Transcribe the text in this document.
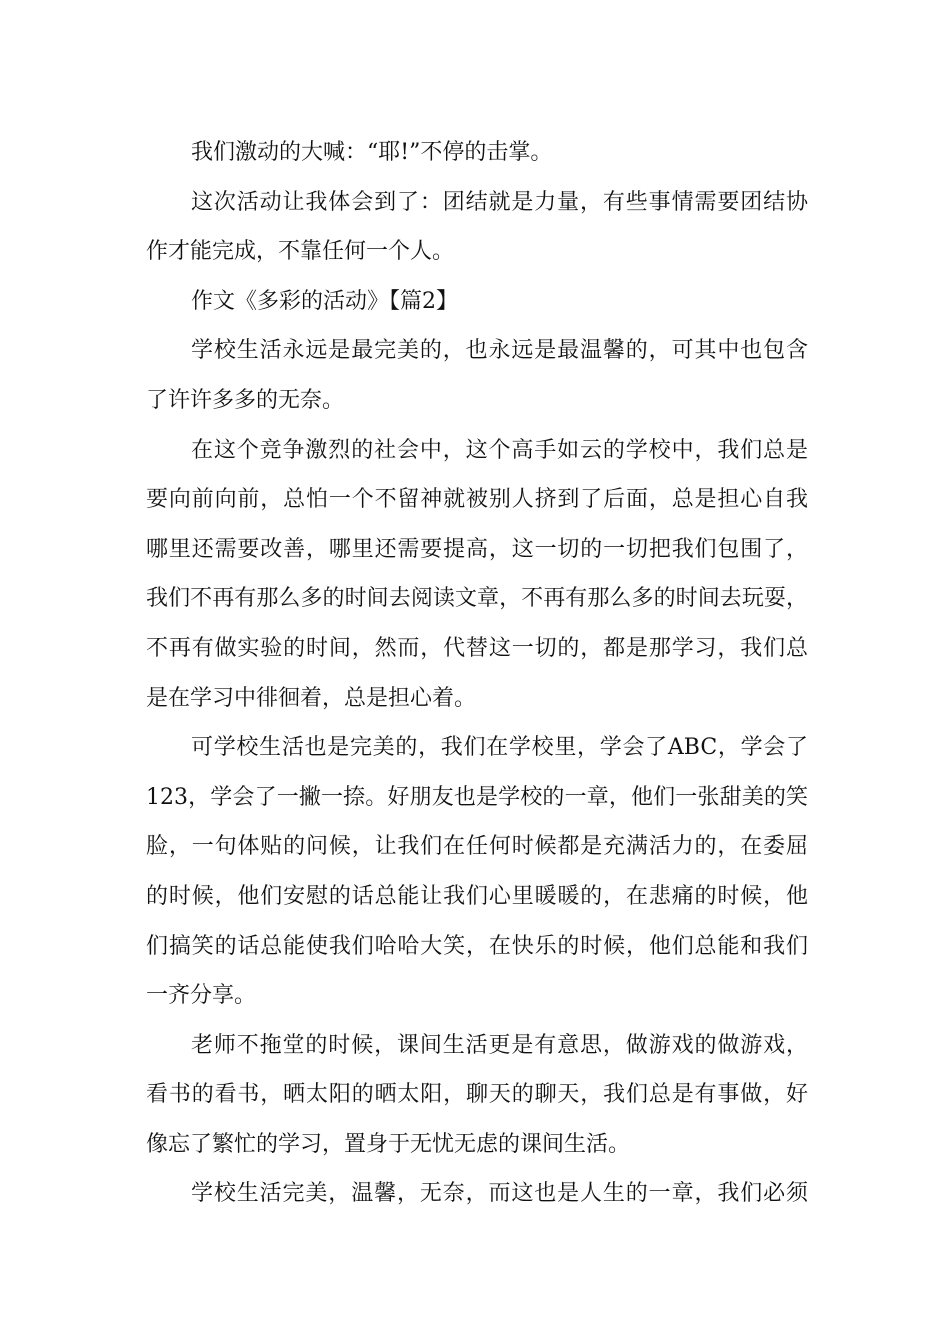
我们激动的大喊：“耶!”不停的击掌。
这次活动让我体会到了：团结就是力量，有些事情需要团结协
作才能完成，不靠任何一个人。
作文《多彩的活动》【篇2】
学校生活永远是最完美的，也永远是最温馨的，可其中也包含
了许许多多的无奈。
在这个竞争激烈的社会中，这个高手如云的学校中，我们总是
要向前向前，总怕一个不留神就被别人挤到了后面，总是担心自我
哪里还需要改善，哪里还需要提高，这一切的一切把我们包围了，
我们不再有那么多的时间去阅读文章，不再有那么多的时间去玩耍，
不再有做实验的时间，然而，代替这一切的，都是那学习，我们总
是在学习中徘徊着，总是担心着。
可学校生活也是完美的，我们在学校里，学会了ABC，学会了
123，学会了一撇一捺。好朋友也是学校的一章，他们一张甜美的笑
脸，一句体贴的问候，让我们在任何时候都是充满活力的，在委屈
的时候，他们安慰的话总能让我们心里暖暖的，在悲痛的时候，他
们搞笑的话总能使我们哈哈大笑，在快乐的时候，他们总能和我们
一齐分享。
老师不拖堂的时候，课间生活更是有意思，做游戏的做游戏，
看书的看书，晒太阳的晒太阳，聊天的聊天，我们总是有事做，好
像忘了繁忙的学习，置身于无忧无虑的课间生活。
学校生活完美，温馨，无奈，而这也是人生的一章，我们必须
